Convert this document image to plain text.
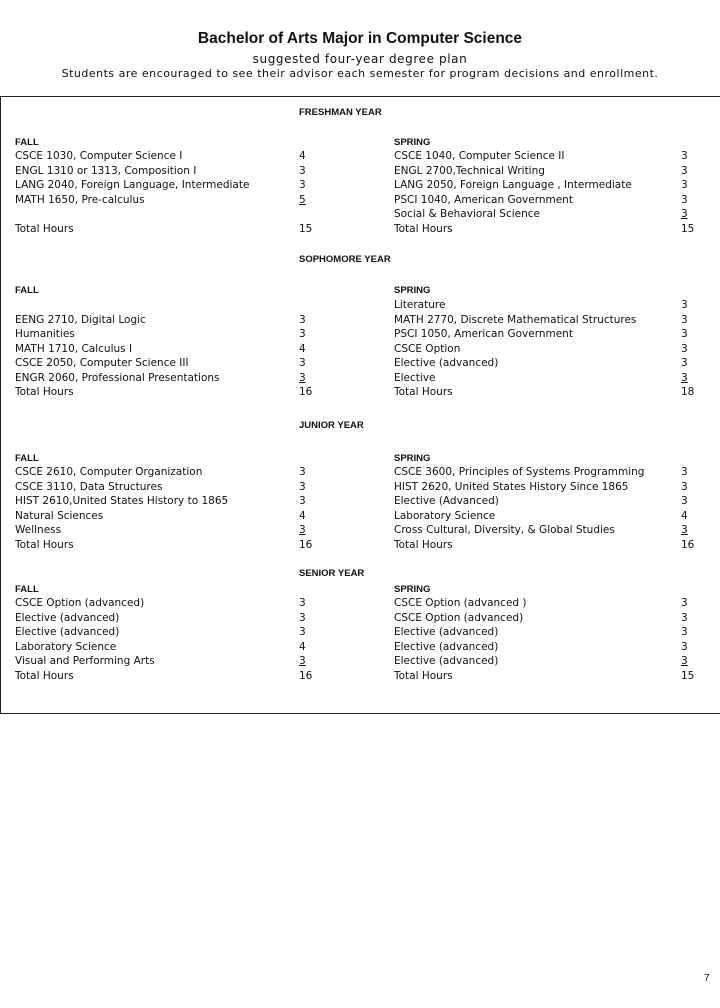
Bachelor of Arts Major in Computer Science
suggested four-year degree plan
Students are encouraged to see their advisor each semester for program decisions and enrollment.
FRESHMAN YEAR
FALL	SPRING
CSCE 1030, Computer Science I	4
ENGL 1310 or 1313, Composition I	3
LANG 2040, Foreign Language, Intermediate	3
MATH 1650, Pre-calculus	5
Total Hours	15
CSCE 1040, Computer Science II	3
ENGL 2700,Technical Writing	3
LANG 2050, Foreign Language , Intermediate	3
PSCI 1040, American Government	3
Social & Behavioral Science	3
Total Hours	15
SOPHOMORE YEAR
FALL	SPRING
EENG 2710, Digital Logic	3
Humanities	3
MATH 1710, Calculus I	4
CSCE 2050, Computer Science III	3
ENGR 2060, Professional Presentations	3
Total Hours	16
Literature	3
MATH 2770, Discrete Mathematical Structures	3
PSCI 1050, American Government	3
CSCE Option	3
Elective (advanced)	3
Elective	3
Total Hours	18
JUNIOR YEAR
FALL	SPRING
CSCE 2610, Computer Organization	3
CSCE 3110, Data Structures	3
HIST 2610,United States History to 1865	3
Natural Sciences	4
Wellness	3
Total Hours	16
CSCE 3600, Principles of Systems Programming	3
HIST 2620, United States History Since 1865	3
Elective (Advanced)	3
Laboratory Science	4
Cross Cultural, Diversity, & Global Studies	3
Total Hours	16
SENIOR YEAR
FALL	SPRING
CSCE Option (advanced)	3
Elective (advanced)	3
Elective (advanced)	3
Laboratory Science	4
Visual and Performing Arts	3
Total Hours	16
CSCE Option (advanced )	3
CSCE Option (advanced)	3
Elective (advanced)	3
Elective (advanced)	3
Elective (advanced)	3
Total Hours	15
7
